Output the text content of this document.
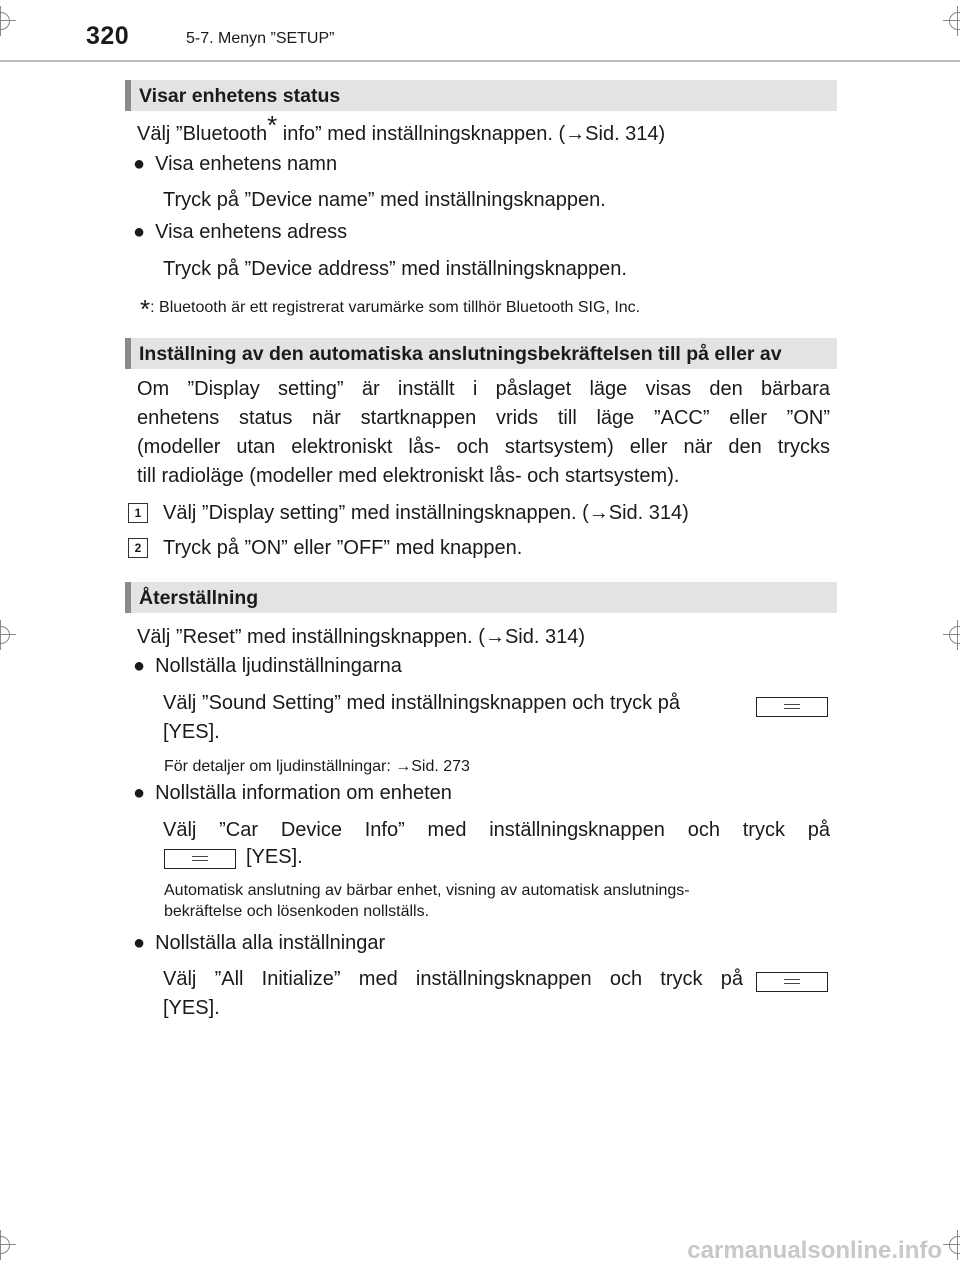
320	5-7. Menyn ”SETUP”
Visar enhetens status
Välj ”Bluetooth* info” med inställningsknappen. (→Sid. 314)
● Visa enhetens namn
Tryck på ”Device name” med inställningsknappen.
● Visa enhetens adress
Tryck på ”Device address” med inställningsknappen.
*: Bluetooth är ett registrerat varumärke som tillhör Bluetooth SIG, Inc.
Inställning av den automatiska anslutningsbekräftelsen till på eller av
Om ”Display setting” är inställt i påslaget läge visas den bärbara
enhetens status när startknappen vrids till läge ”ACC” eller ”ON”
(modeller utan elektroniskt lås- och startsystem) eller när den trycks
till radioläge (modeller med elektroniskt lås- och startsystem).
1	Välj ”Display setting” med inställningsknappen. (→Sid. 314)
2	Tryck på ”ON” eller ”OFF” med knappen.
Återställning
Välj ”Reset” med inställningsknappen. (→Sid. 314)
● Nollställa ljudinställningarna
Välj ”Sound Setting” med inställningsknappen och tryck på
[YES].
För detaljer om ljudinställningar: →Sid. 273
● Nollställa information om enheten
Välj ”Car Device Info” med inställningsknappen och tryck på
[YES].
Automatisk anslutning av bärbar enhet, visning av automatisk anslutnings-
bekräftelse och lösenkoden nollställs.
● Nollställa alla inställningar
Välj ”All Initialize” med inställningsknappen och tryck på
[YES].
carmanualsonline.info
